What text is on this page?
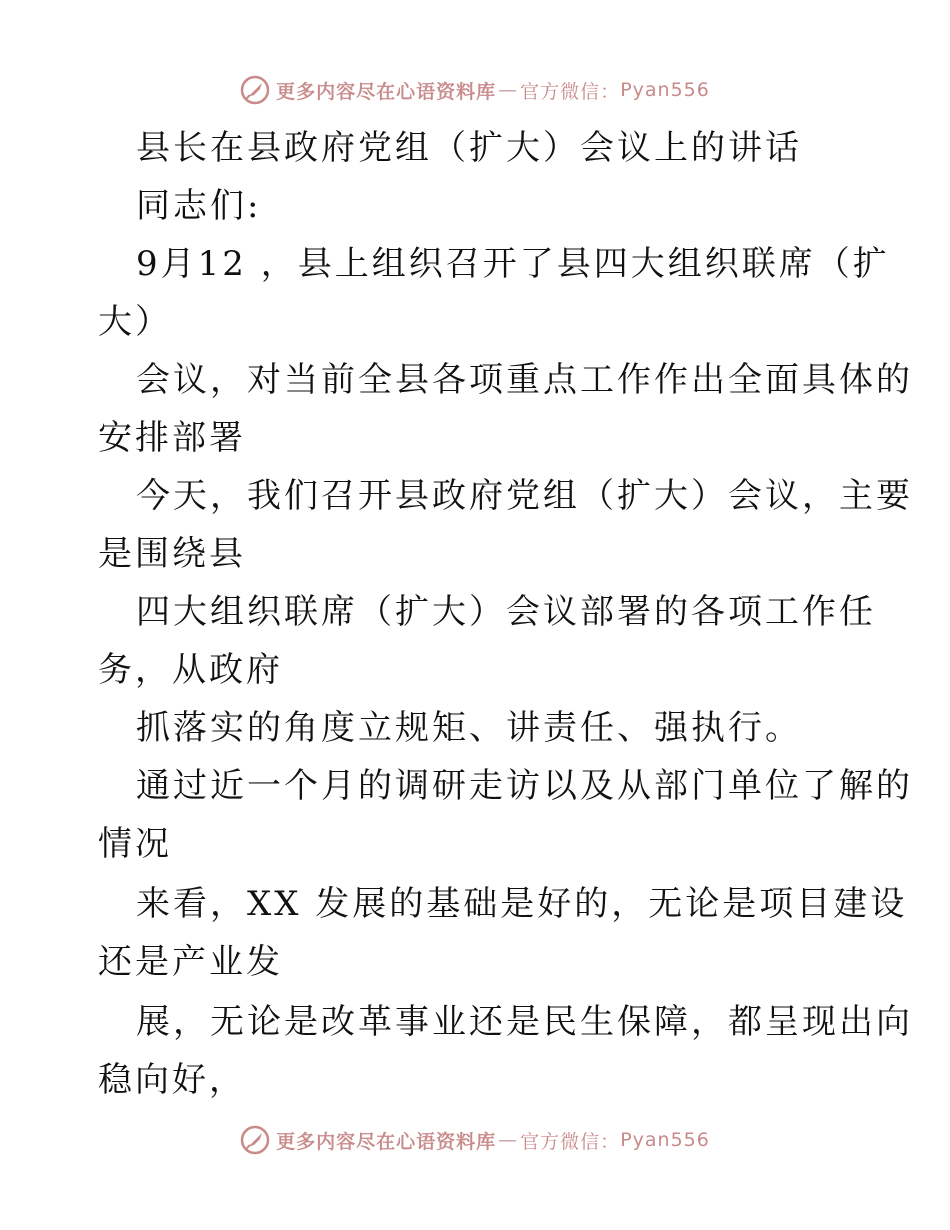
更多内容尽在心语资料库 — 官方微信： Pyan556
县长在县政府党组（扩大）会议上的讲话
同志们:
9月12 ，县上组织召开了县四大组织联席（扩
大）
会议，对当前全县各项重点工作作出全面具体的
安排部署
今天，我们召开县政府党组（扩大）会议，主要
是围绕县
四大组织联席（扩大）会议部署的各项工作任
务，从政府
抓落实的角度立规矩、讲责任、强执行。
通过近一个月的调研走访以及从部门单位了解的
情况
来看，XX 发展的基础是好的，无论是项目建设
还是产业发
展，无论是改革事业还是民生保障，都呈现出向
稳向好，
更多内容尽在心语资料库 — 官方微信： Pyan556
